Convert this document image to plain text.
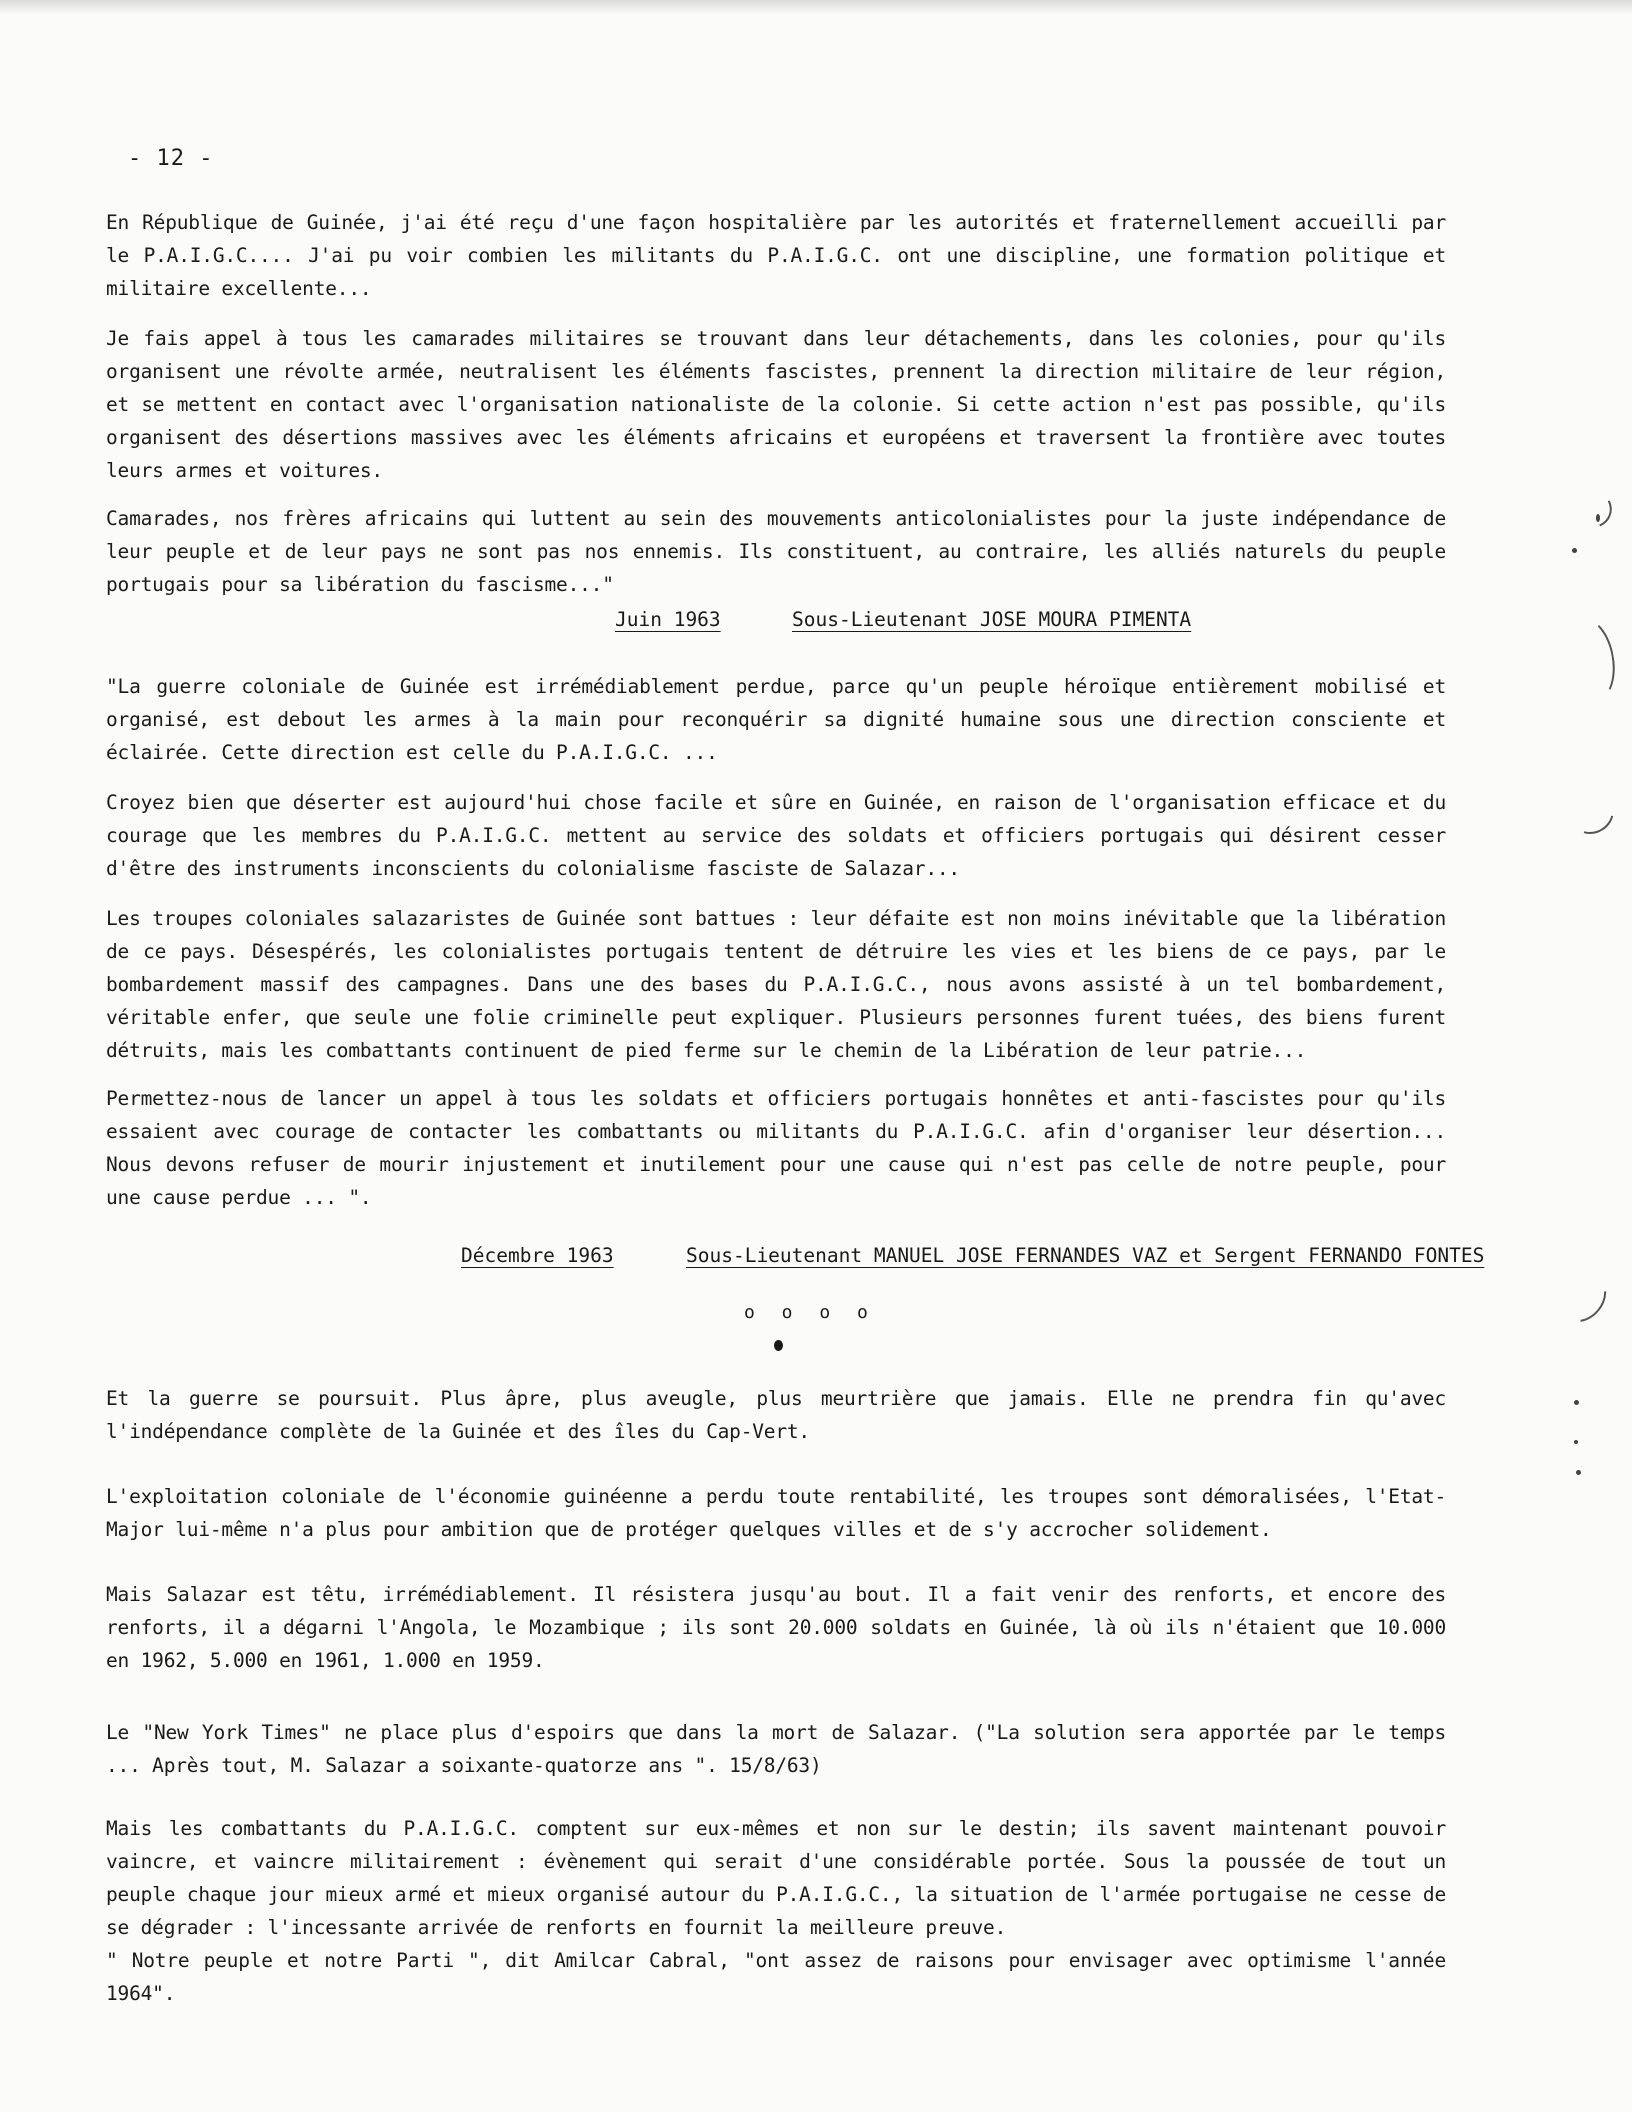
- 12 -

En République de Guinée, j'ai été reçu d'une façon hospitalière par les autorités et fraternellement accueilli par le P.A.I.G.C.... J'ai pu voir combien les militants du P.A.I.G.C. ont une discipline, une formation politique et militaire excellente...

Je fais appel à tous les camarades militaires se trouvant dans leur détachements, dans les colonies, pour qu'ils organisent une révolte armée, neutralisent les éléments fascistes, prennent la direction militaire de leur région, et se mettent en contact avec l'organisation nationaliste de la colonie. Si cette action n'est pas possible, qu'ils organisent des désertions massives avec les éléments africains et européens et traversent la frontière avec toutes leurs armes et voitures.

Camarades, nos frères africains qui luttent au sein des mouvements anticolonialistes pour la juste indépendance de leur peuple et de leur pays ne sont pas nos ennemis. Ils constituent, au contraire, les alliés naturels du peuple portugais pour sa libération du fascisme..."

Juin 1963	Sous-Lieutenant JOSE MOURA PIMENTA

"La guerre coloniale de Guinée est irrémédiablement perdue, parce qu'un peuple héroïque entièrement mobilisé et organisé, est debout les armes à la main pour reconquérir sa dignité humaine sous une direction consciente et éclairée. Cette direction est celle du P.A.I.G.C. ...

Croyez bien que déserter est aujourd'hui chose facile et sûre en Guinée, en raison de l'organisation efficace et du courage que les membres du P.A.I.G.C. mettent au service des soldats et officiers portugais qui désirent cesser d'être des instruments inconscients du colonialisme fasciste de Salazar...

Les troupes coloniales salazaristes de Guinée sont battues : leur défaite est non moins inévitable que la libération de ce pays. Désespérés, les colonialistes portugais tentent de détruire les vies et les biens de ce pays, par le bombardement massif des campagnes. Dans une des bases du P.A.I.G.C., nous avons assisté à un tel bombardement, véritable enfer, que seule une folie criminelle peut expliquer. Plusieurs personnes furent tuées, des biens furent détruits, mais les combattants continuent de pied ferme sur le chemin de la Libération de leur patrie...

Permettez-nous de lancer un appel à tous les soldats et officiers portugais honnêtes et anti-fascistes pour qu'ils essaient avec courage de contacter les combattants ou militants du P.A.I.G.C. afin d'organiser leur désertion... Nous devons refuser de mourir injustement et inutilement pour une cause qui n'est pas celle de notre peuple, pour une cause perdue ... ".

Décembre 1963	Sous-Lieutenant MANUEL JOSE FERNANDES VAZ et Sergent FERNANDO FONTES
o o o o

Et la guerre se poursuit. Plus âpre, plus aveugle, plus meurtrière que jamais. Elle ne prendra fin qu'avec l'indépendance complète de la Guinée et des îles du Cap-Vert.

L'exploitation coloniale de l'économie guinéenne a perdu toute rentabilité, les troupes sont démoralisées, l'Etat-Major lui-même n'a plus pour ambition que de protéger quelques villes et de s'y accrocher solidement.

Mais Salazar est têtu, irrémédiablement. Il résistera jusqu'au bout. Il a fait venir des renforts, et encore des renforts, il a dégarni l'Angola, le Mozambique ; ils sont 20.000 soldats en Guinée, là où ils n'étaient que 10.000 en 1962, 5.000 en 1961, 1.000 en 1959.

Le "New York Times" ne place plus d'espoirs que dans la mort de Salazar. ("La solution sera apportée par le temps ... Après tout, M. Salazar a soixante-quatorze ans ". 15/8/63)

Mais les combattants du P.A.I.G.C. comptent sur eux-mêmes et non sur le destin; ils savent maintenant pouvoir vaincre, et vaincre militairement : évènement qui serait d'une considérable portée. Sous la poussée de tout un peuple chaque jour mieux armé et mieux organisé autour du P.A.I.G.C., la situation de l'armée portugaise ne cesse de se dégrader : l'incessante arrivée de renforts en fournit la meilleure preuve.

" Notre peuple et notre Parti ", dit Amilcar Cabral, "ont assez de raisons pour envisager avec optimisme l'année 1964".
